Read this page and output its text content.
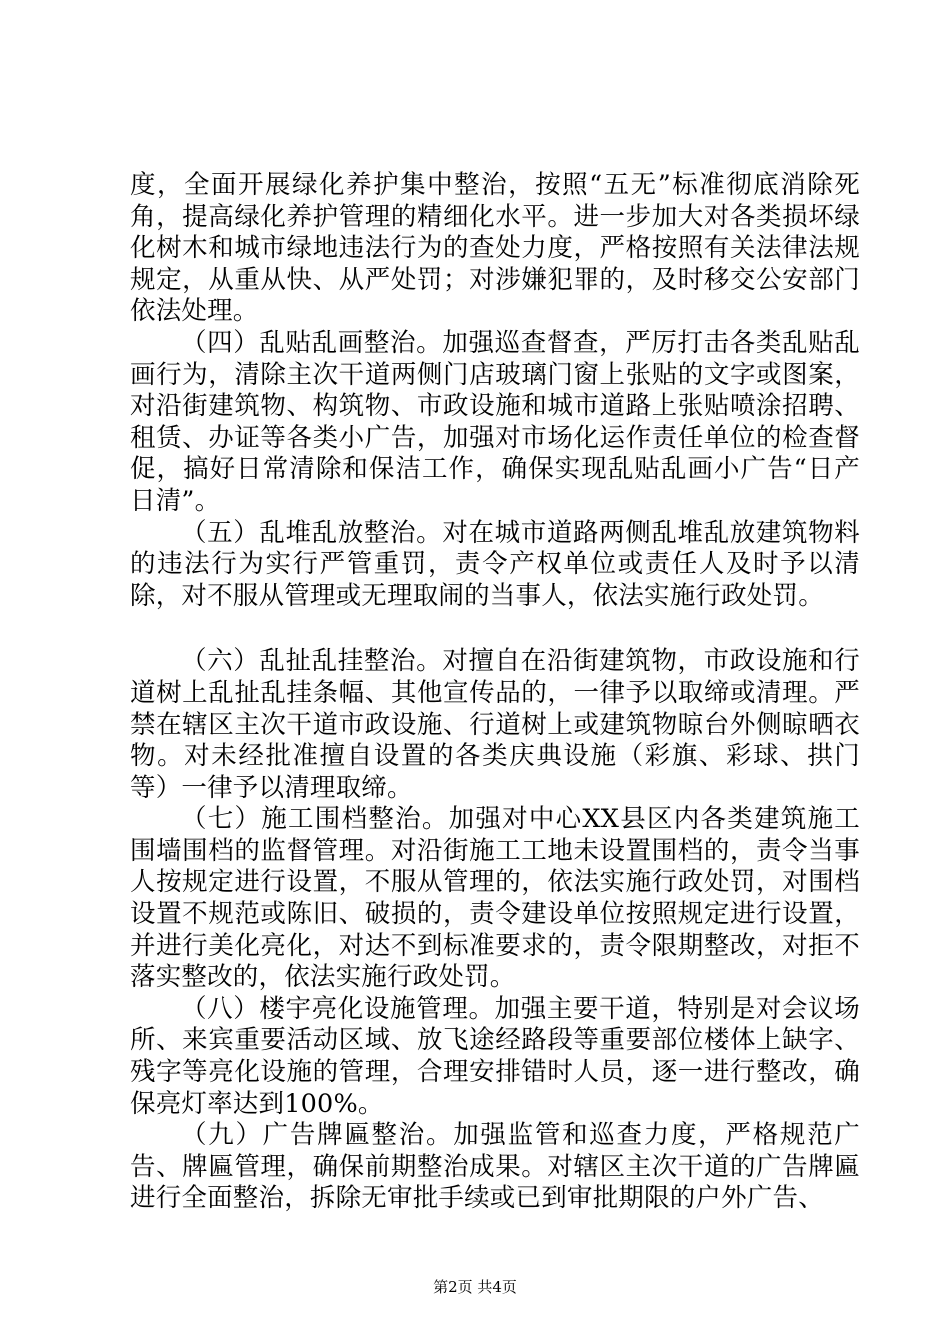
度，全面开展绿化养护集中整治，按照“五无”标准彻底消除死角，提高绿化养护管理的精细化水平。进一步加大对各类损坏绿化树木和城市绿地违法行为的查处力度，严格按照有关法律法规规定，从重从快、从严处罚；对涉嫌犯罪的，及时移交公安部门依法处理。

（四）乱贴乱画整治。加强巡查督查，严厉打击各类乱贴乱画行为，清除主次干道两侧门店玻璃门窗上张贴的文字或图案，对沿街建筑物、构筑物、市政设施和城市道路上张贴喷涂招聘、租赁、办证等各类小广告，加强对市场化运作责任单位的检查督促，搞好日常清除和保洁工作，确保实现乱贴乱画小广告“日产日清”。

（五）乱堆乱放整治。对在城市道路两侧乱堆乱放建筑物料的违法行为实行严管重罚，责令产权单位或责任人及时予以清除，对不服从管理或无理取闹的当事人，依法实施行政处罚。

（六）乱扯乱挂整治。对擅自在沿街建筑物，市政设施和行道树上乱扯乱挂条幅、其他宣传品的，一律予以取缔或清理。严禁在辖区主次干道市政设施、行道树上或建筑物晾台外侧晾晒衣物。对未经批准擅自设置的各类庆典设施（彩旗、彩球、拱门等）一律予以清理取缔。

（七）施工围档整治。加强对中心XX县区内各类建筑施工围墙围档的监督管理。对沿街施工工地未设置围档的，责令当事人按规定进行设置，不服从管理的，依法实施行政处罚，对围档设置不规范或陈旧、破损的，责令建设单位按照规定进行设置，并进行美化亮化，对达不到标准要求的，责令限期整改，对拒不落实整改的，依法实施行政处罚。

（八）楼宇亮化设施管理。加强主要干道，特别是对会议场所、来宾重要活动区域、放飞途经路段等重要部位楼体上缺字、残字等亮化设施的管理，合理安排错时人员，逐一进行整改，确保亮灯率达到100%。

（九）广告牌匾整治。加强监管和巡查力度，严格规范广告、牌匾管理，确保前期整治成果。对辖区主次干道的广告牌匾进行全面整治，拆除无审批手续或已到审批期限的户外广告、

第2页 共4页
